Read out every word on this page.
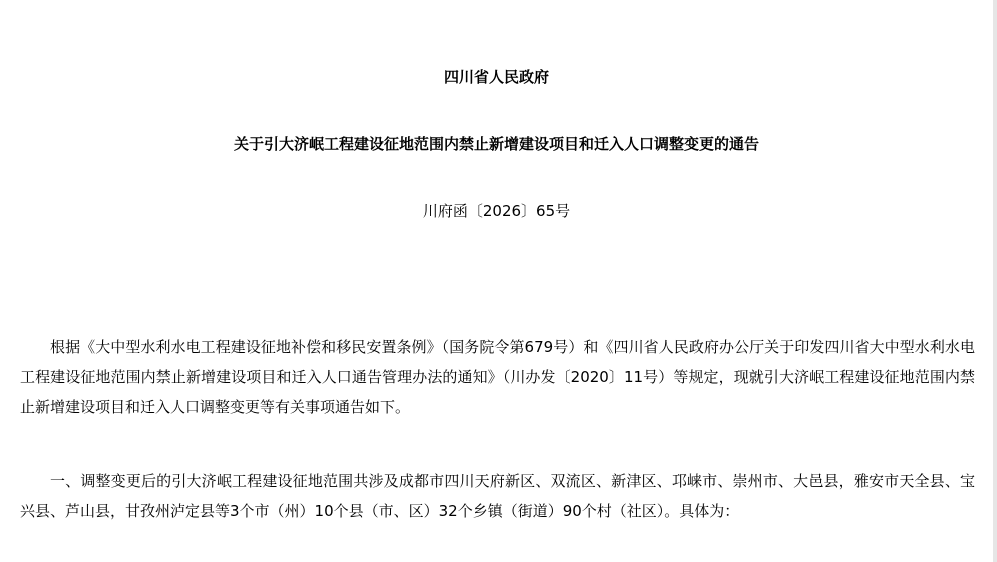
四川省人民政府
关于引大济岷工程建设征地范围内禁止新增建设项目和迁入人口调整变更的通告
川府函〔2026〕65号

根据《大中型水利水电工程建设征地补偿和移民安置条例》（国务院令第679号）和《四川省人民政府办公厅关于印发四川省大中型水利水电工程建设征地范围内禁止新增建设项目和迁入人口通告管理办法的通知》（川办发〔2020〕11号）等规定，现就引大济岷工程建设征地范围内禁止新增建设项目和迁入人口调整变更等有关事项通告如下。

一、调整变更后的引大济岷工程建设征地范围共涉及成都市四川天府新区、双流区、新津区、邛崃市、崇州市、大邑县，雅安市天全县、宝兴县、芦山县，甘孜州泸定县等3个市（州）10个县（市、区）32个乡镇（街道）90个村（社区）。具体为：
